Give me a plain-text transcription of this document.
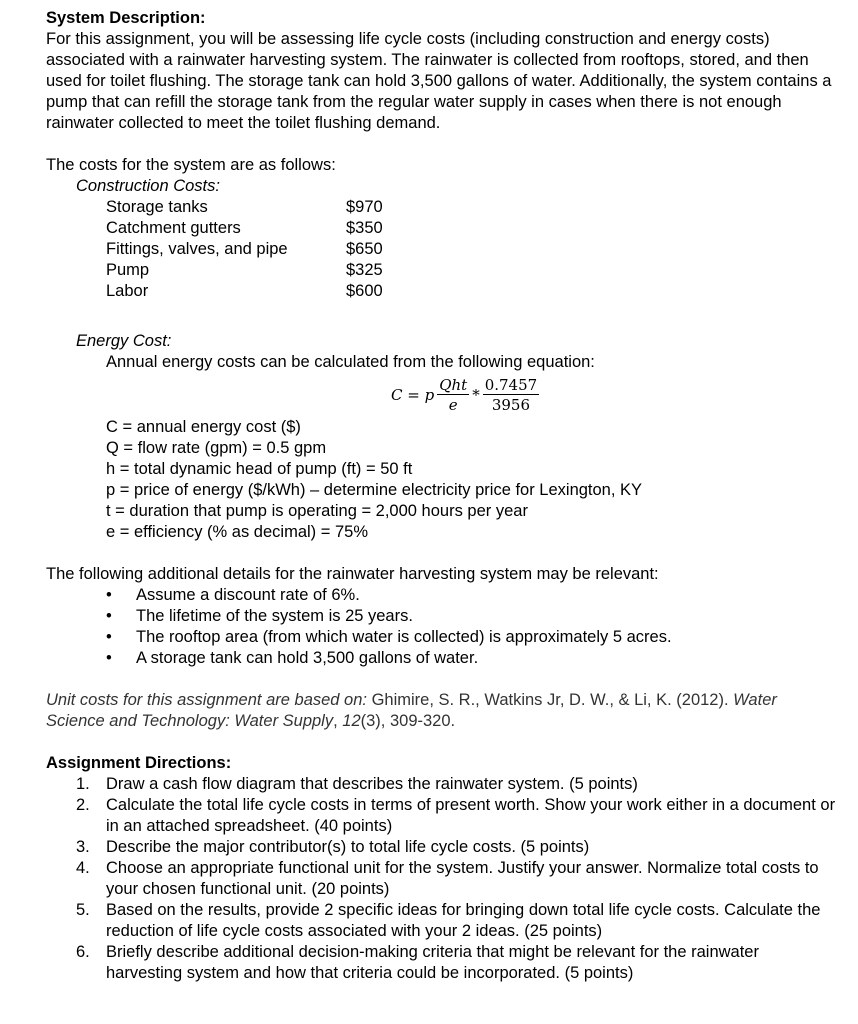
System Description:

For this assignment, you will be assessing life cycle costs (including construction and energy costs) associated with a rainwater harvesting system. The rainwater is collected from rooftops, stored, and then used for toilet flushing. The storage tank can hold 3,500 gallons of water. Additionally, the system contains a pump that can refill the storage tank from the regular water supply in cases when there is not enough rainwater collected to meet the toilet flushing demand.

The costs for the system are as follows:

Construction Costs:

Storage tanks	$970
Catchment gutters	$350
Fittings, valves, and pipe	$650
Pump	$325
Labor	$600

Energy Cost:

Annual energy costs can be calculated from the following equation:

C = p $\frac{\text{Qht}}{e} * \frac{0.7457}{3956}$

C = annual energy cost ($)

Q = flow rate (gpm) = 0.5 gpm

h = total dynamic head of pump (ft) = 50 ft

p = price of energy ($/kWh) – determine electricity price for Lexington, KY

t = duration that pump is operating = 2,000 hours per year

e = efficiency (% as decimal) = 75%

The following additional details for the rainwater harvesting system may be relevant:

• Assume a discount rate of 6%.
• The lifetime of the system is 25 years.
• The rooftop area (from which water is collected) is approximately 5 acres.
• A storage tank can hold 3,500 gallons of water.

Unit costs for this assignment are based on: Ghimire, S. R., Watkins Jr, D. W., & Li, K. (2012). Water Science and Technology: Water Supply, 12(3), 309-320.

Assignment Directions:

1. Draw a cash flow diagram that describes the rainwater system. (5 points)
2. Calculate the total life cycle costs in terms of present worth. Show your work either in a document or in an attached spreadsheet. (40 points)
3. Describe the major contributor(s) to total life cycle costs. (5 points)
4. Choose an appropriate functional unit for the system. Justify your answer. Normalize total costs to your chosen functional unit. (20 points)
5. Based on the results, provide 2 specific ideas for bringing down total life cycle costs. Calculate the reduction of life cycle costs associated with your 2 ideas. (25 points)
6. Briefly describe additional decision-making criteria that might be relevant for the rainwater harvesting system and how that criteria could be incorporated. (5 points)
